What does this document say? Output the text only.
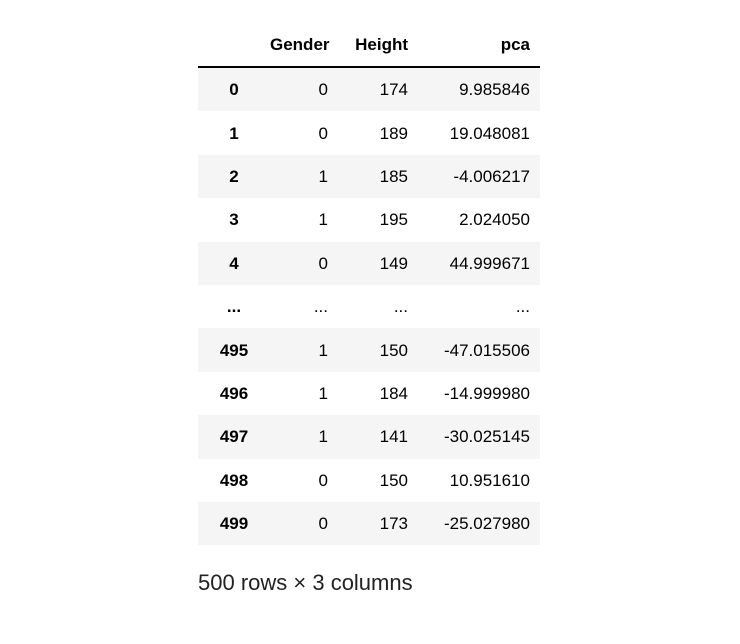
	Gender	Height	pca
0	0	174	9.985846
1	0	189	19.048081
2	1	185	-4.006217
3	1	195	2.024050
4	0	149	44.999671
...	...	...	...
495	1	150	-47.015506
496	1	184	-14.999980
497	1	141	-30.025145
498	0	150	10.951610
499	0	173	-25.027980
500 rows × 3 columns
